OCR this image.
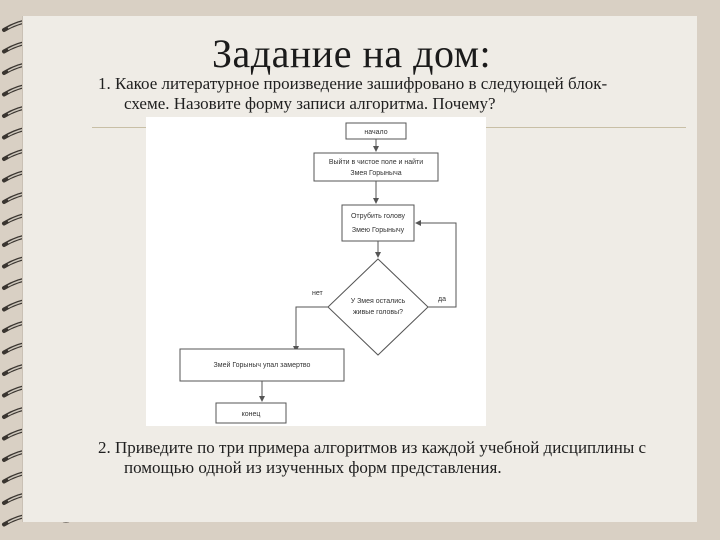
Задание на дом:
1. Какое литературное произведение зашифровано в следующей блок-
схеме. Назовите форму записи алгоритма. Почему?
начало
Выйти в чистое поле и найти
Змея Горыныча
Отрубить голову
Змею Горынычу
У Змея остались
живые головы?
да
нет
Змей Горыныч упал замертво
конец
2. Приведите по три примера алгоритмов из каждой учебной дисциплины с
помощью одной из изученных форм представления.
